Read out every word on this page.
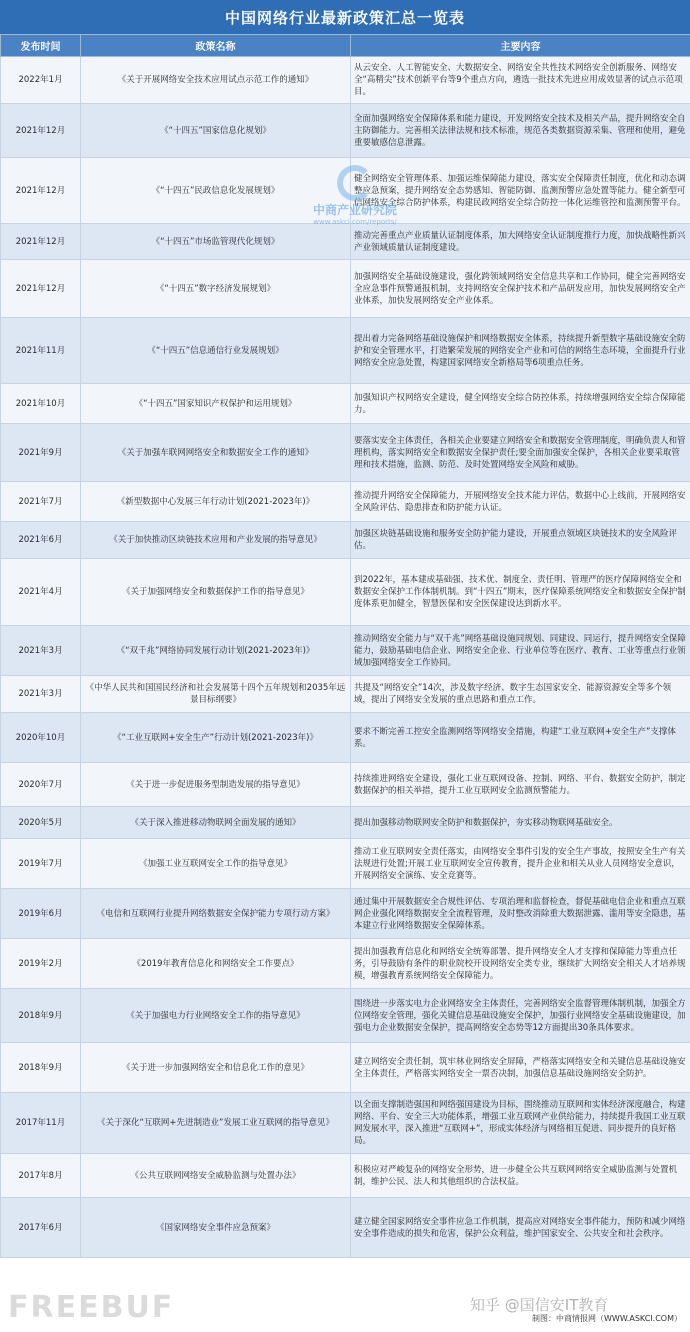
中国网络行业最新政策汇总一览表
发布时间	政策名称	主要内容
2022年1月	《关于开展网络安全技术应用试点示范工作的通知》	从云安全、人工智能安全、大数据安全、网络安全共性技术网络安全创新服务、网络安全“高精尖”技术创新平台等9个重点方向，遴选一批技术先进应用成效显著的试点示范项目。
2021年12月	《“十四五”国家信息化规划》	全面加强网络安全保障体系和能力建设，开发网络安全技术及相关产品，提升网络安全自主防御能力。完善相关法律法规和技术标准，规范各类数据资源采集、管理和使用，避免重要敏感信息泄露。
2021年12月	《“十四五”民政信息化发展规划》	健全网络安全管理体系、加强运维保障能力建设，落实安全保障责任制度，优化和动态调整应急预案，提升网络安全态势感知、智能防御、监测预警应急处置等能力。健全新型可信网络安全综合防护体系，构建民政网络安全综合防控一体化运维管控和监测预警平台。
2021年12月	《“十四五”市场监管现代化规划》	推动完善重点产业质量认证制度体系，加大网络安全认证制度推行力度，加快战略性新兴产业领域质量认证制度建设。
2021年12月	《“十四五”数字经济发展规划》	加强网络安全基础设施建设，强化跨领域网络安全信息共享和工作协同，健全完善网络安全应急事件预警通报机制，支持网络安全保护技术和产品研发应用，加快发展网络安全产业体系，加快发展网络安全产业体系。
2021年11月	《“十四五”信息通信行业发展规划》	提出着力完备网络基础设施保护和网络数据安全体系，持续提升新型数字基础设施安全防护和安全管理水平，打造繁荣发展的网络安全产业和可信的网络生态环境，全面提升行业网络安全应急处置，构建国家网络安全新格局等6项重点任务。
2021年10月	《“十四五”国家知识产权保护和运用规划》	加强知识产权网络安全建设，健全网络安全综合防控体系，持续增强网络安全综合保障能力。
2021年9月	《关于加强车联网网络安全和数据安全工作的通知》	要落实安全主体责任，各相关企业要建立网络安全和数据安全管理制度，明确负责人和管理机构，落实网络安全和数据安全保护责任;要全面加强安全保护，各相关企业要采取管理和技术措施，监测、防范、及时处置网络安全风险和威胁。
2021年7月	《新型数据中心发展三年行动计划(2021-2023年)》	推动提升网络安全保障能力，开展网络安全技术能力评估，数据中心上线前，开展网络安全风险评估、隐患排查和防护能力认证。
2021年6月	《关于加快推动区块链技术应用和产业发展的指导意见》	加强区块链基础设施和服务安全防护能力建设，开展重点领域区块链技术的安全风险评估。
2021年4月	《关于加强网络安全和数据保护工作的指导意见》	到2022年，基本建成基础强、技术优、制度全、责任明、管理严的医疗保障网络安全和数据安全保护工作体制机制。到“十四五”期末，医疗保障系统网络安全和数据安全保护制度体系更加健全，智慧医保和安全医保建设达到新水平。
2021年3月	《“双千兆”网络协同发展行动计划(2021-2023年)》	推动网络安全能力与“双千兆”网络基础设施同规划、同建设、同运行，提升网络安全保障能力，鼓励基础电信企业、网络安全企业、行业单位等在医疗、教育、工业等重点行业领域加强网络安全工作协同。
2021年3月	《中华人民共和国国民经济和社会发展第十四个五年规划和2035年远景目标纲要》	共提及“网络安全”14次，涉及数字经济、数字生态国家安全、能源资源安全等多个领域，提出了网络安全发展的重点思路和重点工作。
2020年10月	《“工业互联网+安全生产”行动计划(2021-2023年)》	要求不断完善工控安全监测网络等网络安全措施，构建“工业互联网+安全生产”支撑体系。
2020年7月	《关于进一步促进服务型制造发展的指导意见》	持续推进网络安全建设，强化工业互联网设备、控制、网络、平台、数据安全防护，制定数据保护的相关举措，提升工业互联网安全监测预警能力。
2020年5月	《关于深入推进移动物联网全面发展的通知》	提出加强移动物联网安全防护和数据保护，夯实移动物联网基础安全。
2019年7月	《加强工业互联网安全工作的指导意见》	推动工业互联网安全责任落实，由网络安全事件引发的安全生产事故，按照安全生产有关法规进行处置;开展工业互联网安全宣传教育，提升企业和相关从业人员网络安全意识，开展网络安全演练、安全竞赛等。
2019年6月	《电信和互联网行业提升网络数据安全保护能力专项行动方案》	通过集中开展数据安全合规性评估、专项治理和监督检查，督促基础电信企业和重点互联网企业强化网络数据安全全流程管理，及时整改消除重大数据泄露、滥用等安全隐患，基本建立行业网络数据安全保障体系。
2019年2月	《2019年教育信息化和网络安全工作要点》	提出加强教育信息化和网络安全统筹部署、提升网络安全人才支撑和保障能力等重点任务，引导鼓励有条件的职业院校开设网络安全类专业，继续扩大网络安全相关人才培养规模，增强教育系统网络安全保障能力。
2018年9月	《关于加强电力行业网络安全工作的指导意见》	围绕进一步落实电力企业网络安全主体责任，完善网络安全监督管理体制机制，加强全方位网络安全管理，强化关键信息基础设施安全保护，加强行业网络安全基础设施建设，加强电力企业数据安全保护，提高网络安全态势等12方面提出30条具体要求。
2018年9月	《关于进一步加强网络安全和信息化工作的意见》	建立网络安全责任制，筑牢林业网络安全屏障，严格落实网络安全和关键信息基础设施安全主体责任，严格落实网络安全一票否决制，加强信息基础设施网络安全防护。
2017年11月	《关于深化“互联网+先进制造业”发展工业互联网的指导意见》	以全面支撑制造强国和网络强国建设为目标，围绕推动互联网和实体经济深度融合，构建网络、平台、安全三大功能体系，增强工业互联网产业供给能力，持续提升我国工业互联网发展水平，深入推进“互联网+”，形成实体经济与网络相互促进、同步提升的良好格局。
2017年8月	《公共互联网网络安全威胁监测与处置办法》	积极应对严峻复杂的网络安全形势，进一步健全公共互联网网络安全威胁监测与处置机制，维护公民、法人和其他组织的合法权益。
2017年6月	《国家网络安全事件应急预案》	建立健全国家网络安全事件应急工作机制，提高应对网络安全事件能力，预防和减少网络安全事件造成的损失和危害，保护公众利益，维护国家安全、公共安全和社会秩序。
中商产业研究院
www.askci.com/reports/
FREEBUF	知乎 @国信安IT教育
制图：中商情报网（WWW.ASKCI.COM）
